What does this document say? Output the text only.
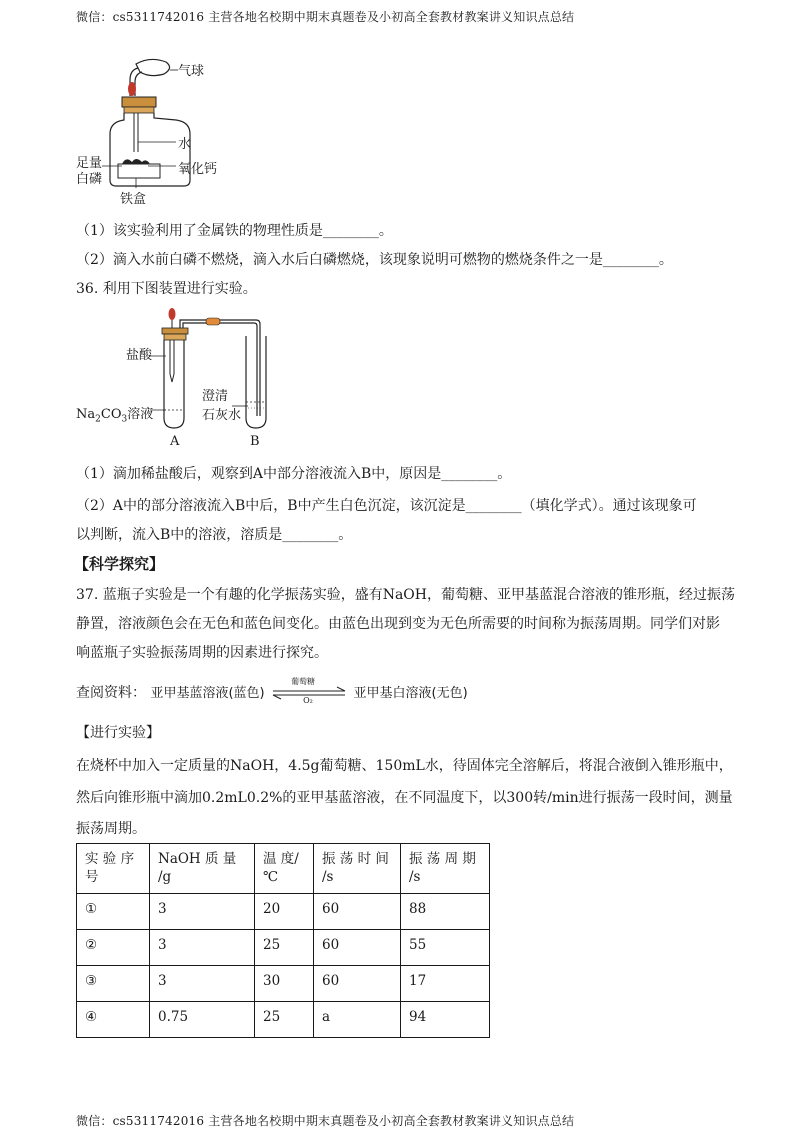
微信：cs5311742016 主营各地名校期中期末真题卷及小初高全套教材教案讲义知识点总结
气球
水
氧化钙
足量
白磷
铁盒
（1）该实验利用了金属铁的物理性质是________。
（2）滴入水前白磷不燃烧，滴入水后白磷燃烧，该现象说明可燃物的燃烧条件之一是________。
36. 利用下图装置进行实验。
盐酸
$Na_2CO_3$溶液
澄清
石灰水
A	B
（1）滴加稀盐酸后，观察到A中部分溶液流入B中，原因是________。
（2）A中的部分溶液流入B中后，B中产生白色沉淀，该沉淀是________（填化学式）。通过该现象可
以判断，流入B中的溶液，溶质是________。
【科学探究】
37. 蓝瓶子实验是一个有趣的化学振荡实验，盛有NaOH，葡萄糖、亚甲基蓝混合溶液的锥形瓶，经过振荡
静置，溶液颜色会在无色和蓝色间变化。由蓝色出现到变为无色所需要的时间称为振荡周期。同学们对影
响蓝瓶子实验振荡周期的因素进行探究。
查阅资料： 亚甲基蓝溶液(蓝色)
葡萄糖
O₂	亚甲基白溶液(无色)
【进行实验】
在烧杯中加入一定质量的NaOH，4.5g葡萄糖、150mL水，待固体完全溶解后，将混合液倒入锥形瓶中，
然后向锥形瓶中滴加0.2mL0.2%的亚甲基蓝溶液，在不同温度下，以300转/min进行振荡一段时间，测量
振荡周期。
实 验 序 号	NaOH 质 量 /g	温 度/℃	振 荡 时 间 /s	振 荡 周 期 /s
①	3	20	60	88
②	3	25	60	55
③	3	30	60	17
④	0.75	25	a	94
微信：cs5311742016 主营各地名校期中期末真题卷及小初高全套教材教案讲义知识点总结
